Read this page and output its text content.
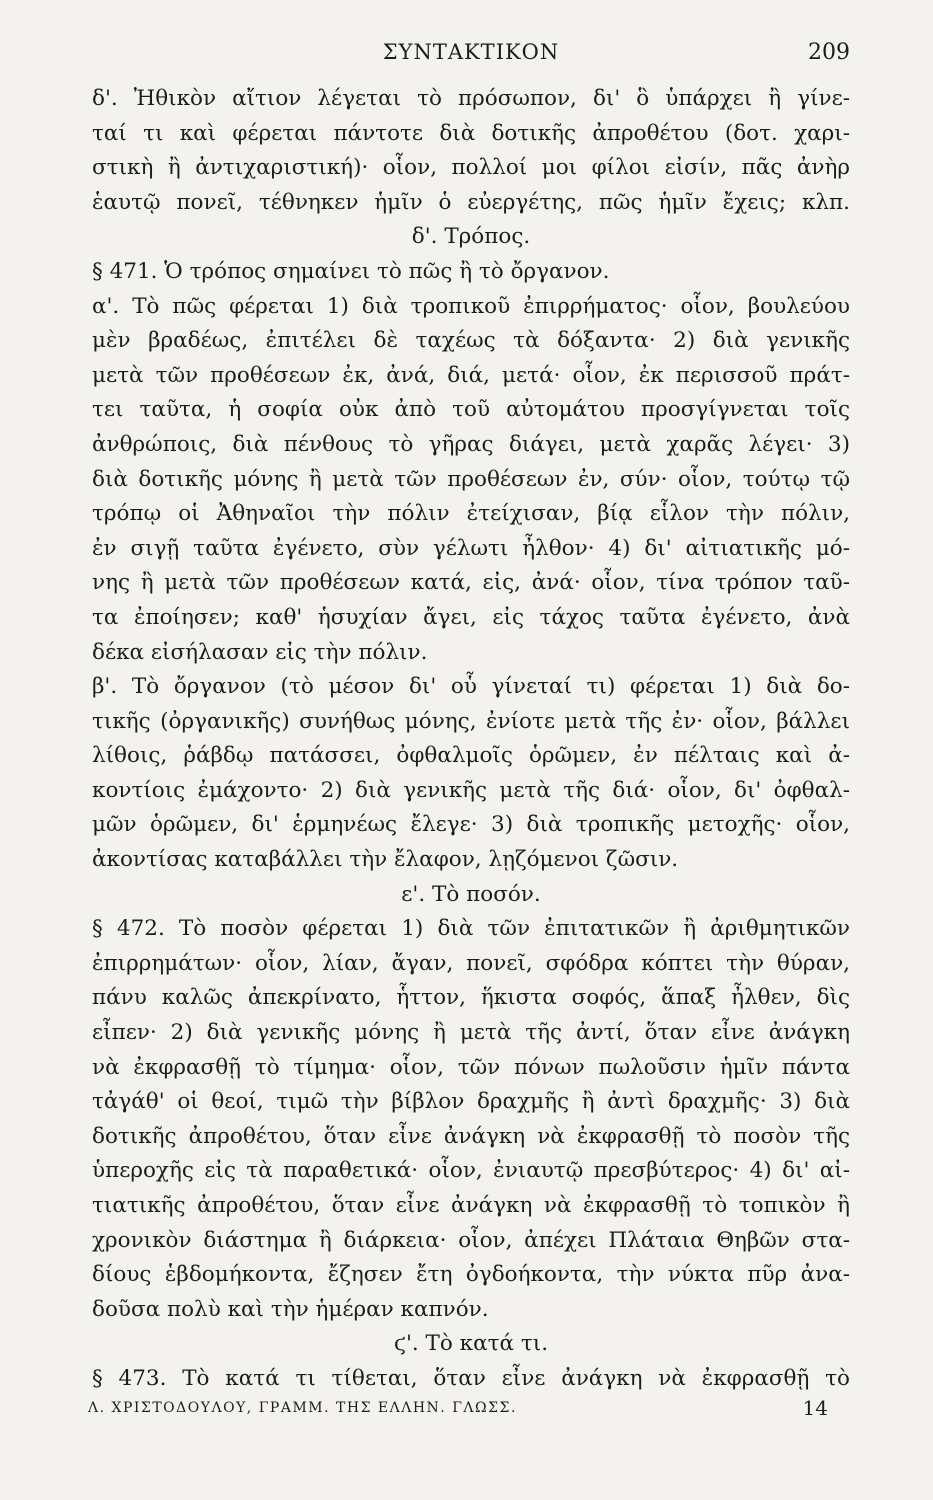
ΣΥΝΤΑΚΤΙΚΟΝ	209
δ'. Ἠθικὸν αἴτιον λέγεται τὸ πρόσωπον, δι' ὃ ὑπάρχει ἢ γίνε-
ταί τι καὶ φέρεται πάντοτε διὰ δοτικῆς ἀπροθέτου (δοτ. χαρι-
στικὴ ἢ ἀντιχαριστική)· οἷον, πολλοί μοι φίλοι εἰσίν, πᾶς ἀνὴρ
ἑαυτῷ πονεῖ, τέθνηκεν ἡμῖν ὁ εὐεργέτης, πῶς ἡμῖν ἔχεις; κλπ.
δ'. Τρόπος.
§ 471. Ὁ τρόπος σημαίνει τὸ πῶς ἢ τὸ ὄργανον.
α'. Τὸ πῶς φέρεται 1) διὰ τροπικοῦ ἐπιρρήματος· οἷον, βουλεύου
μὲν βραδέως, ἐπιτέλει δὲ ταχέως τὰ δόξαντα· 2) διὰ γενικῆς
μετὰ τῶν προθέσεων ἐκ, ἀνά, διά, μετά· οἷον, ἐκ περισσοῦ πράτ-
τει ταῦτα, ἡ σοφία οὐκ ἀπὸ τοῦ αὐτομάτου προσγίγνεται τοῖς
ἀνθρώποις, διὰ πένθους τὸ γῆρας διάγει, μετὰ χαρᾶς λέγει· 3)
διὰ δοτικῆς μόνης ἢ μετὰ τῶν προθέσεων ἐν, σύν· οἷον, τούτῳ τῷ
τρόπῳ οἱ Ἀθηναῖοι τὴν πόλιν ἐτείχισαν, βίᾳ εἷλον τὴν πόλιν,
ἐν σιγῇ ταῦτα ἐγένετο, σὺν γέλωτι ἦλθον· 4) δι' αἰτιατικῆς μό-
νης ἢ μετὰ τῶν προθέσεων κατά, εἰς, ἀνά· οἷον, τίνα τρόπον ταῦ-
τα ἐποίησεν; καθ' ἡσυχίαν ἄγει, εἰς τάχος ταῦτα ἐγένετο, ἀνὰ
δέκα εἰσήλασαν εἰς τὴν πόλιν.
β'. Τὸ ὄργανον (τὸ μέσον δι' οὗ γίνεταί τι) φέρεται 1) διὰ δο-
τικῆς (ὀργανικῆς) συνήθως μόνης, ἐνίοτε μετὰ τῆς ἐν· οἷον, βάλλει
λίθοις, ῥάβδῳ πατάσσει, ὀφθαλμοῖς ὁρῶμεν, ἐν πέλταις καὶ ἀ-
κοντίοις ἐμάχοντο· 2) διὰ γενικῆς μετὰ τῆς διά· οἷον, δι' ὀφθαλ-
μῶν ὁρῶμεν, δι' ἑρμηνέως ἔλεγε· 3) διὰ τροπικῆς μετοχῆς· οἷον,
ἀκοντίσας καταβάλλει τὴν ἔλαφον, λῃζόμενοι ζῶσιν.
ε'. Τὸ ποσόν.
§ 472. Τὸ ποσὸν φέρεται 1) διὰ τῶν ἐπιτατικῶν ἢ ἀριθμητικῶν
ἐπιρρημάτων· οἷον, λίαν, ἄγαν, πονεῖ, σφόδρα κόπτει τὴν θύραν,
πάνυ καλῶς ἀπεκρίνατο, ἧττον, ἥκιστα σοφός, ἅπαξ ἦλθεν, δὶς
εἶπεν· 2) διὰ γενικῆς μόνης ἢ μετὰ τῆς ἀντί, ὅταν εἶνε ἀνάγκη
νὰ ἐκφρασθῇ τὸ τίμημα· οἷον, τῶν πόνων πωλοῦσιν ἡμῖν πάντα
τἀγάθ' οἱ θεοί, τιμῶ τὴν βίβλον δραχμῆς ἢ ἀντὶ δραχμῆς· 3) διὰ
δοτικῆς ἀπροθέτου, ὅταν εἶνε ἀνάγκη νὰ ἐκφρασθῇ τὸ ποσὸν τῆς
ὑπεροχῆς εἰς τὰ παραθετικά· οἷον, ἐνιαυτῷ πρεσβύτερος· 4) δι' αἰ-
τιατικῆς ἀπροθέτου, ὅταν εἶνε ἀνάγκη νὰ ἐκφρασθῇ τὸ τοπικὸν ἢ
χρονικὸν διάστημα ἢ διάρκεια· οἷον, ἀπέχει Πλάταια Θηβῶν στα-
δίους ἑβδομήκοντα, ἔζησεν ἔτη ὀγδοήκοντα, τὴν νύκτα πῦρ ἀνα-
δοῦσα πολὺ καὶ τὴν ἡμέραν καπνόν.
ϛ'. Τὸ κατά τι.
§ 473. Τὸ κατά τι τίθεται, ὅταν εἶνε ἀνάγκη νὰ ἐκφρασθῇ τὸ
Λ. ΧΡΙΣΤΟΔΟΥΛΟΥ, ΓΡΑΜΜ. ΤΗΣ ΕΛΛΗΝ. ΓΛΩΣΣ.	14
